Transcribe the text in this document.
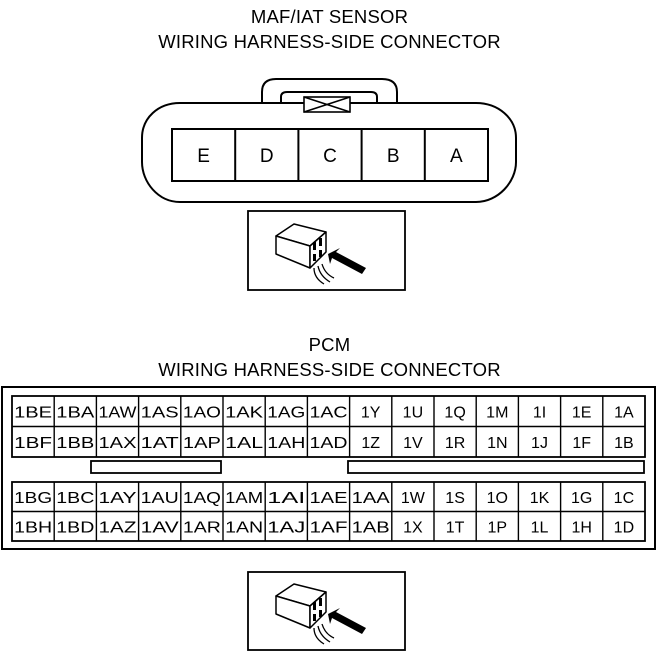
MAF/IAT SENSOR
WIRING HARNESS-SIDE CONNECTOR
PCM
WIRING HARNESS-SIDE CONNECTOR
E	D	C	B	A
1BE 1BA 1AW 1AS 1AO 1AK 1AG 1AC 1Y 1U 1Q 1M 1I 1E 1A
1BF 1BB 1AX 1AT 1AP 1AL 1AH 1AD 1Z 1V 1R 1N 1J 1F 1B
1BG 1BC 1AY 1AU 1AQ 1AM 1AI 1AE 1AA 1W 1S 1O 1K 1G 1C
1BH 1BD 1AZ 1AV 1AR 1AN 1AJ 1AF 1AB 1X 1T 1P 1L 1H 1D
